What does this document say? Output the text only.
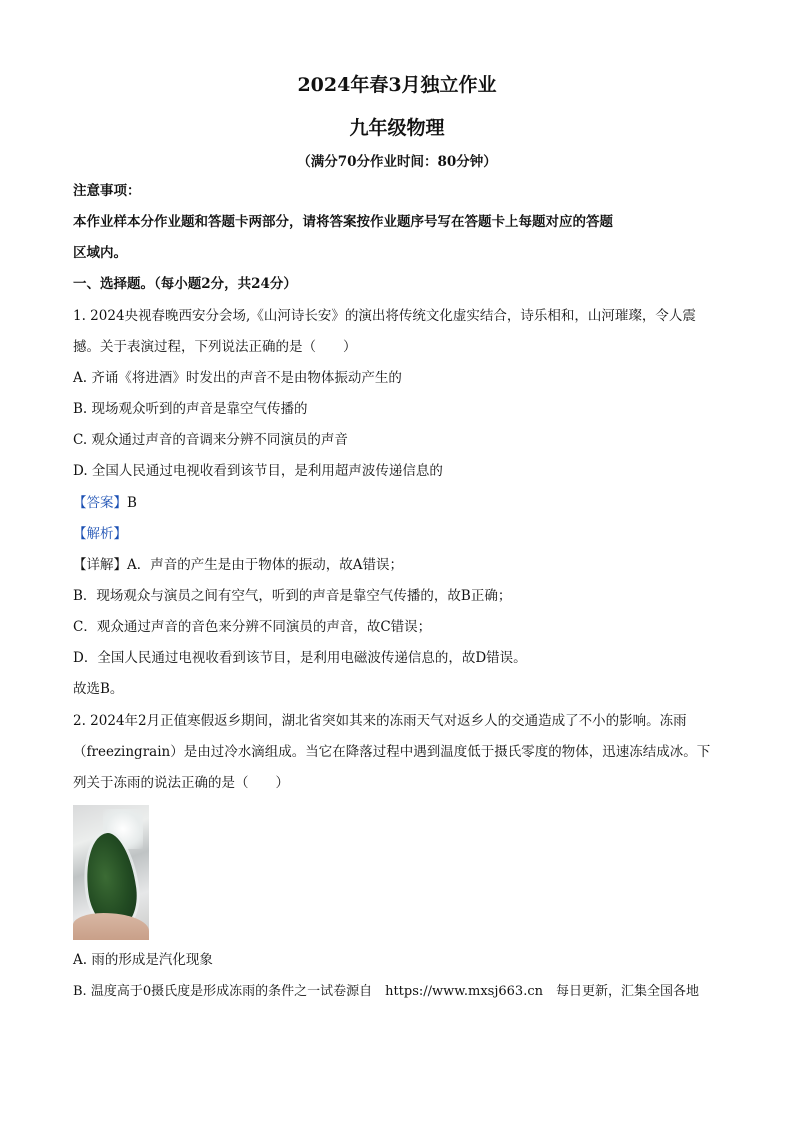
2024年春3月独立作业
九年级物理
（满分70分作业时间：80分钟）
注意事项：
本作业样本分作业题和答题卡两部分，请将答案按作业题序号写在答题卡上每题对应的答题
区域内。
一、选择题。（每小题2分，共24分）
1. 2024央视春晚西安分会场,《山河诗长安》的演出将传统文化虚实结合，诗乐相和，山河璀璨，令人震
撼。关于表演过程，下列说法正确的是（　　）
A. 齐诵《将进酒》时发出的声音不是由物体振动产生的
B. 现场观众听到的声音是靠空气传播的
C. 观众通过声音的音调来分辨不同演员的声音
D. 全国人民通过电视收看到该节目，是利用超声波传递信息的
【答案】B
【解析】
【详解】A．声音的产生是由于物体的振动，故A错误；
B．现场观众与演员之间有空气，听到的声音是靠空气传播的，故B正确；
C．观众通过声音的音色来分辨不同演员的声音，故C错误；
D．全国人民通过电视收看到该节目，是利用电磁波传递信息的，故D错误。
故选B。
2. 2024年2月正值寒假返乡期间，湖北省突如其来的冻雨天气对返乡人的交通造成了不小的影响。冻雨
（freezingrain）是由过冷水滴组成。当它在降落过程中遇到温度低于摄氏零度的物体，迅速冻结成冰。下
列关于冻雨的说法正确的是（　　）
A. 雨的形成是汽化现象
B. 温度高于0摄氏度是形成冻雨的条件之一试卷源自　https://www.mxsj663.cn　每日更新，汇集全国各地
